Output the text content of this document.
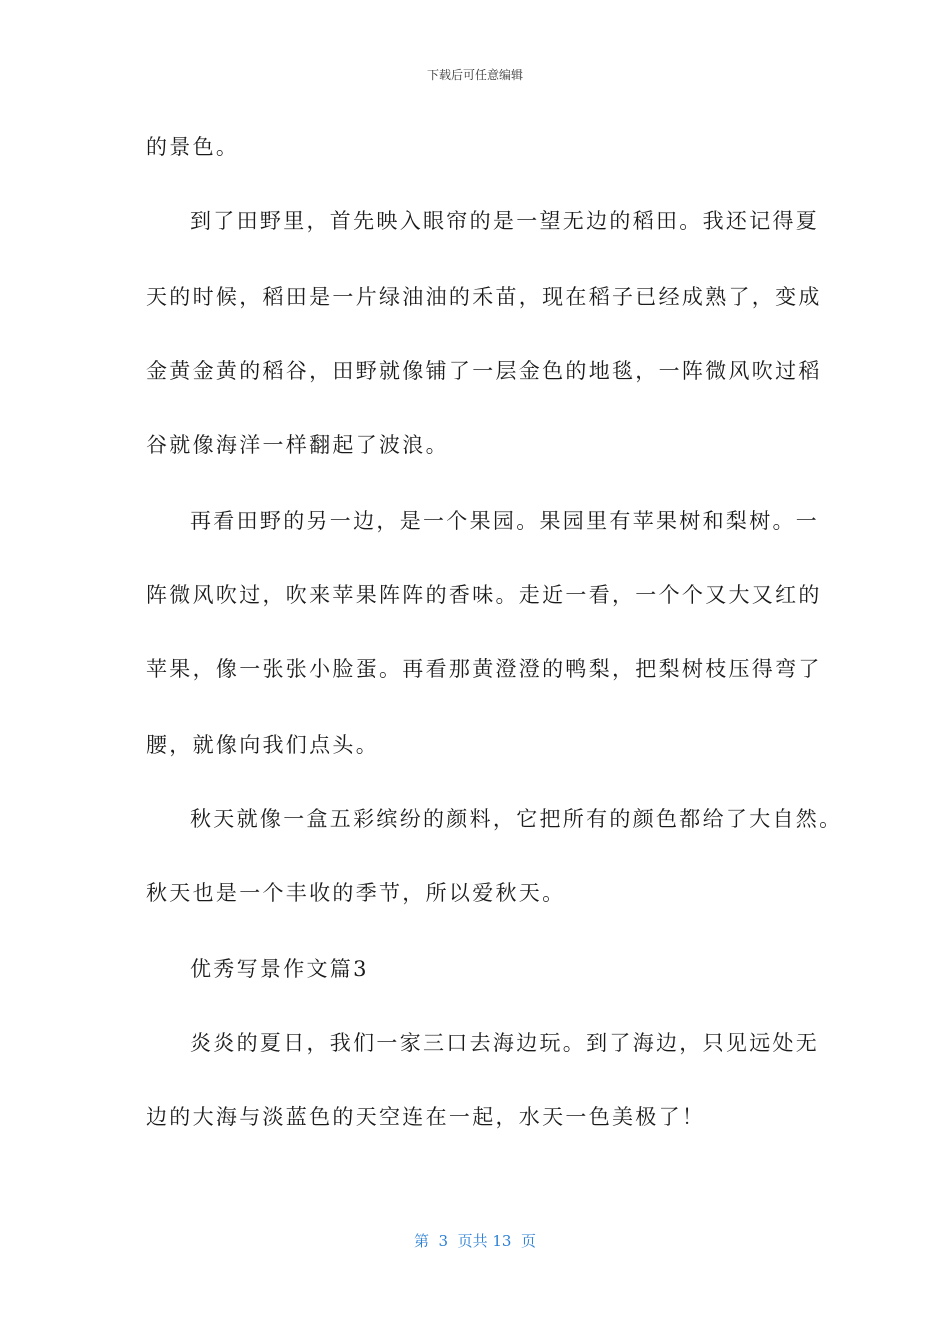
下载后可任意编辑
的景色。
到了田野里，首先映入眼帘的是一望无边的稻田。我还记得夏
天的时候，稻田是一片绿油油的禾苗，现在稻子已经成熟了，变成
金黄金黄的稻谷，田野就像铺了一层金色的地毯，一阵微风吹过稻
谷就像海洋一样翻起了波浪。
再看田野的另一边，是一个果园。果园里有苹果树和梨树。一
阵微风吹过，吹来苹果阵阵的香味。走近一看，一个个又大又红的
苹果，像一张张小脸蛋。再看那黄澄澄的鸭梨，把梨树枝压得弯了
腰，就像向我们点头。
秋天就像一盒五彩缤纷的颜料，它把所有的颜色都给了大自然。
秋天也是一个丰收的季节，所以爱秋天。
优秀写景作文篇3
炎炎的夏日，我们一家三口去海边玩。到了海边，只见远处无
边的大海与淡蓝色的天空连在一起，水天一色美极了！
第  3  页共 13  页
